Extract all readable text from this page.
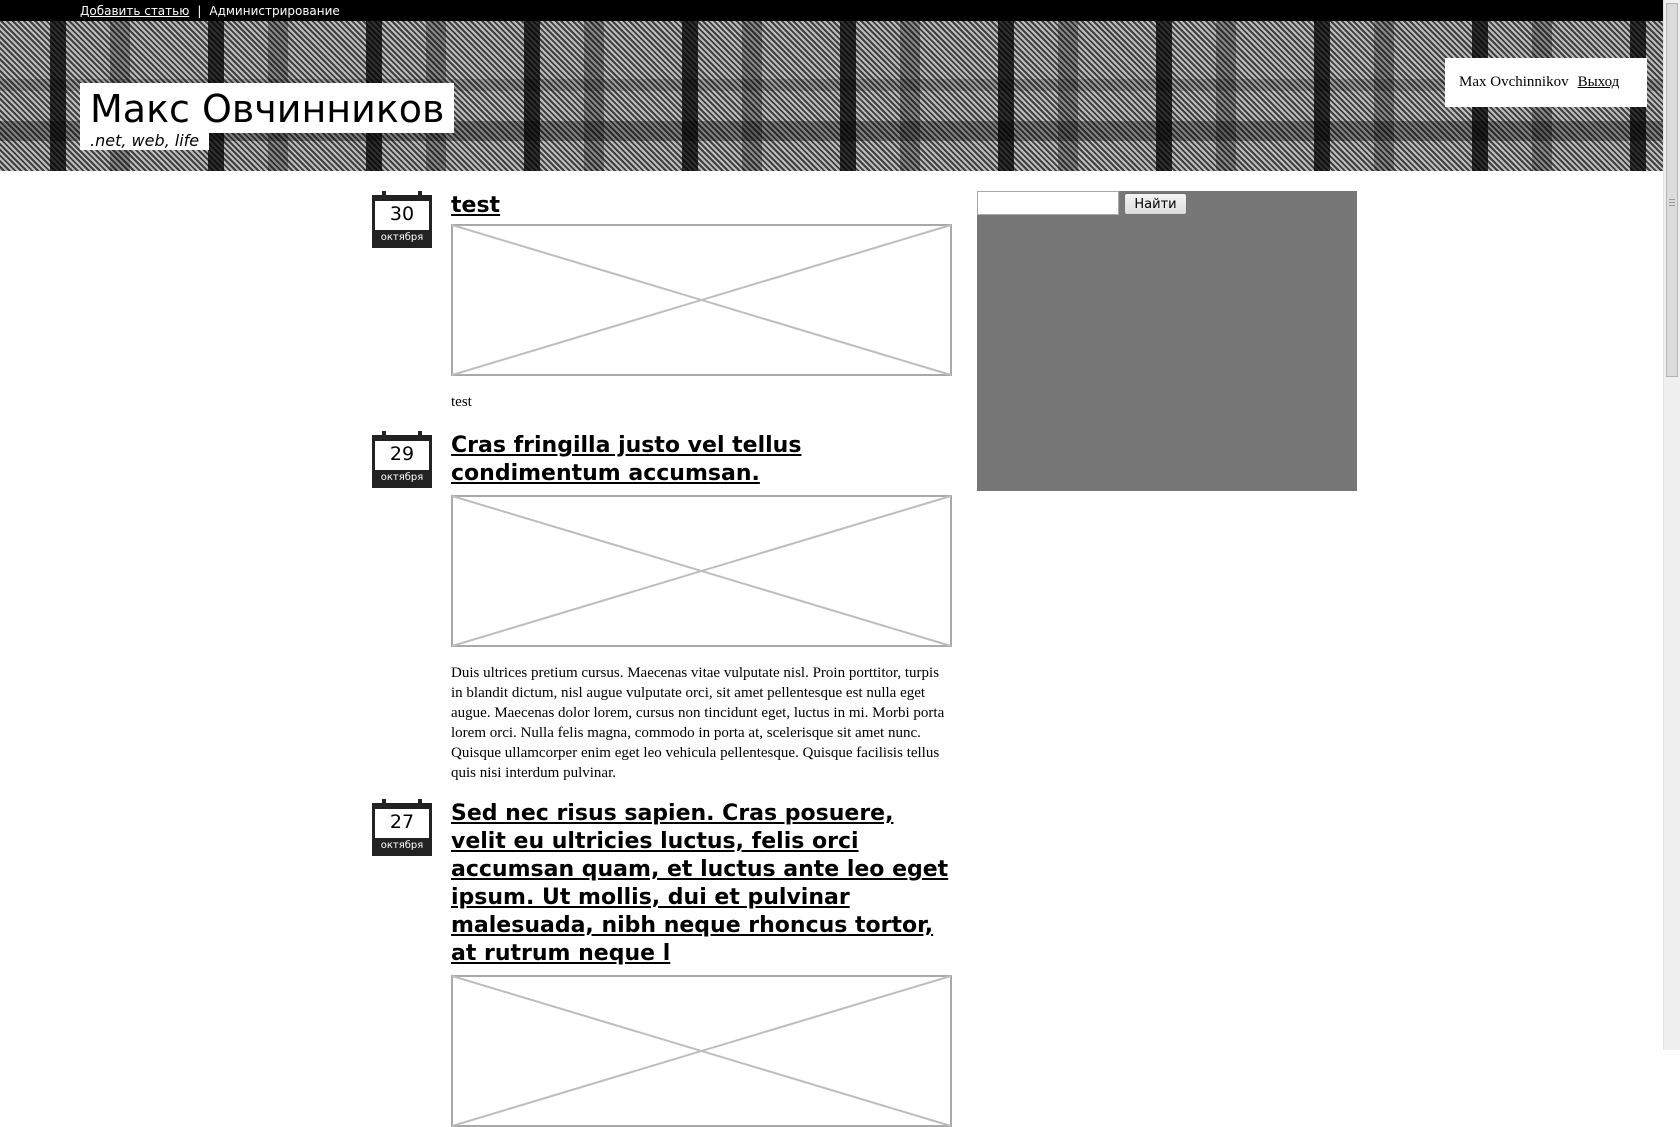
Добавить статью | Администрирование
Макс Овчинников
.net, web, life
Max Ovchinnikov Выход
30
октября
test

test

29
октября
Cras fringilla justo vel tellus condimentum accumsan.

Duis ultrices pretium cursus. Maecenas vitae vulputate nisl. Proin porttitor, turpis in blandit dictum, nisl augue vulputate orci, sit amet pellentesque est nulla eget augue. Maecenas dolor lorem, cursus non tincidunt eget, luctus in mi. Morbi porta lorem orci. Nulla felis magna, commodo in porta at, scelerisque sit amet nunc. Quisque ullamcorper enim eget leo vehicula pellentesque. Quisque facilisis tellus quis nisi interdum pulvinar.

27
октября
Sed nec risus sapien. Cras posuere, velit eu ultricies luctus, felis orci accumsan quam, et luctus ante leo eget ipsum. Ut mollis, dui et pulvinar malesuada, nibh neque rhoncus tortor, at rutrum neque l
Найти
